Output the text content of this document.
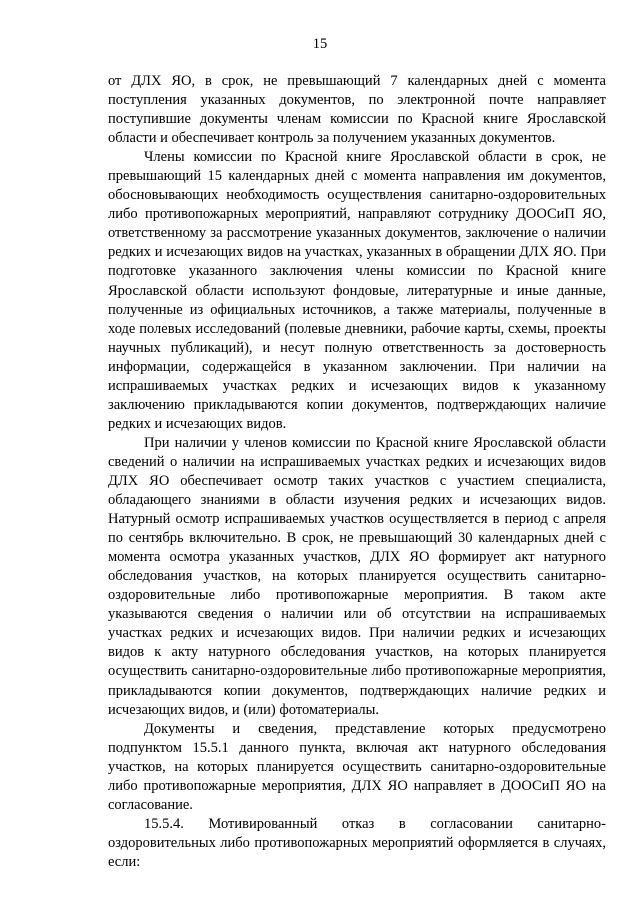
15

от ДЛХ ЯО, в срок, не превышающий 7 календарных дней с момента поступления указанных документов, по электронной почте направляет поступившие документы членам комиссии по Красной книге Ярославской области и обеспечивает контроль за получением указанных документов.

Члены комиссии по Красной книге Ярославской области в срок, не превышающий 15 календарных дней с момента направления им документов, обосновывающих необходимость осуществления санитарно-оздоровительных либо противопожарных мероприятий, направляют сотруднику ДООСиП ЯО, ответственному за рассмотрение указанных документов, заключение о наличии редких и исчезающих видов на участках, указанных в обращении ДЛХ ЯО. При подготовке указанного заключения члены комиссии по Красной книге Ярославской области используют фондовые, литературные и иные данные, полученные из официальных источников, а также материалы, полученные в ходе полевых исследований (полевые дневники, рабочие карты, схемы, проекты научных публикаций), и несут полную ответственность за достоверность информации, содержащейся в указанном заключении. При наличии на испрашиваемых участках редких и исчезающих видов к указанному заключению прикладываются копии документов, подтверждающих наличие редких и исчезающих видов.

При наличии у членов комиссии по Красной книге Ярославской области сведений о наличии на испрашиваемых участках редких и исчезающих видов ДЛХ ЯО обеспечивает осмотр таких участков с участием специалиста, обладающего знаниями в области изучения редких и исчезающих видов. Натурный осмотр испрашиваемых участков осуществляется в период с апреля по сентябрь включительно. В срок, не превышающий 30 календарных дней с момента осмотра указанных участков, ДЛХ ЯО формирует акт натурного обследования участков, на которых планируется осуществить санитарно-оздоровительные либо противопожарные мероприятия. В таком акте указываются сведения о наличии или об отсутствии на испрашиваемых участках редких и исчезающих видов. При наличии редких и исчезающих видов к акту натурного обследования участков, на которых планируется осуществить санитарно-оздоровительные либо противопожарные мероприятия, прикладываются копии документов, подтверждающих наличие редких и исчезающих видов, и (или) фотоматериалы.

Документы и сведения, представление которых предусмотрено подпунктом 15.5.1 данного пункта, включая акт натурного обследования участков, на которых планируется осуществить санитарно-оздоровительные либо противопожарные мероприятия, ДЛХ ЯО направляет в ДООСиП ЯО на согласование.

15.5.4. Мотивированный отказ в согласовании санитарно-оздоровительных либо противопожарных мероприятий оформляется в случаях, если:
